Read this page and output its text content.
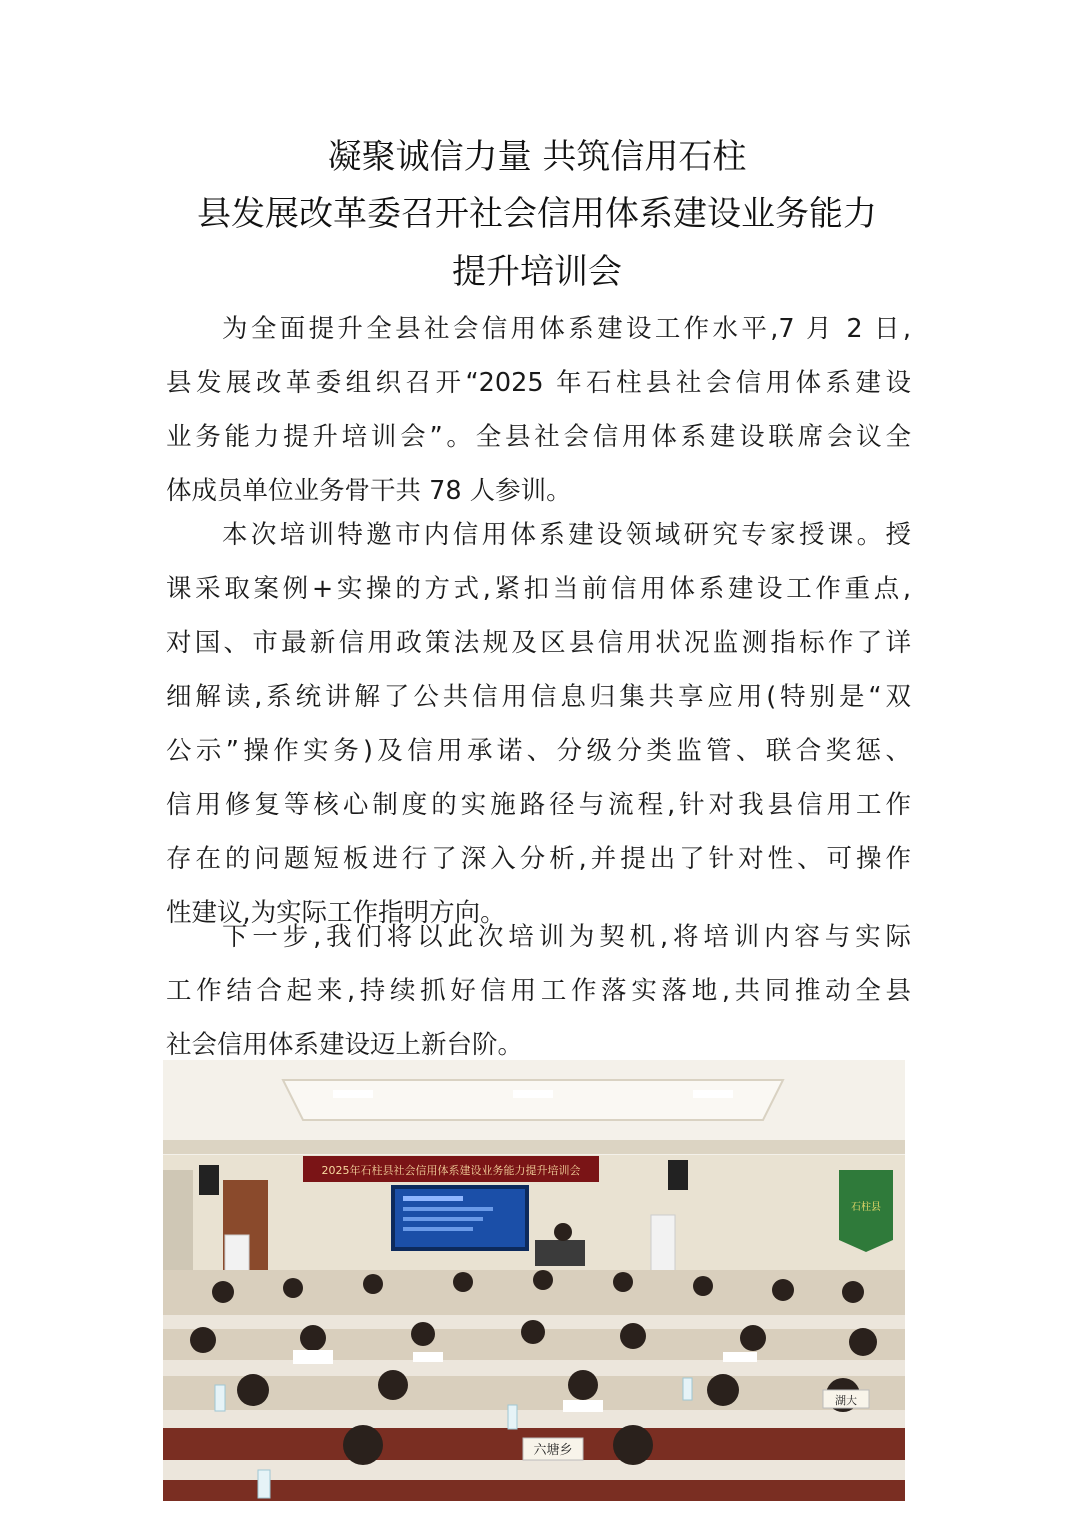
凝聚诚信力量 共筑信用石柱
县发展改革委召开社会信用体系建设业务能力
提升培训会
为全面提升全县社会信用体系建设工作水平,7 月 2 日,
县发展改革委组织召开“2025 年石柱县社会信用体系建设
业务能力提升培训会”。全县社会信用体系建设联席会议全
体成员单位业务骨干共 78 人参训。
本次培训特邀市内信用体系建设领域研究专家授课。授
课采取案例+实操的方式,紧扣当前信用体系建设工作重点,
对国、市最新信用政策法规及区县信用状况监测指标作了详
细解读,系统讲解了公共信用信息归集共享应用(特别是“双
公示”操作实务)及信用承诺、分级分类监管、联合奖惩、
信用修复等核心制度的实施路径与流程,针对我县信用工作
存在的问题短板进行了深入分析,并提出了针对性、可操作
性建议,为实际工作指明方向。
下一步,我们将以此次培训为契机,将培训内容与实际
工作结合起来,持续抓好信用工作落实落地,共同推动全县
社会信用体系建设迈上新台阶。
2025年石柱县社会信用体系建设业务能力提升培训会
石柱县
六塘乡
湖大
